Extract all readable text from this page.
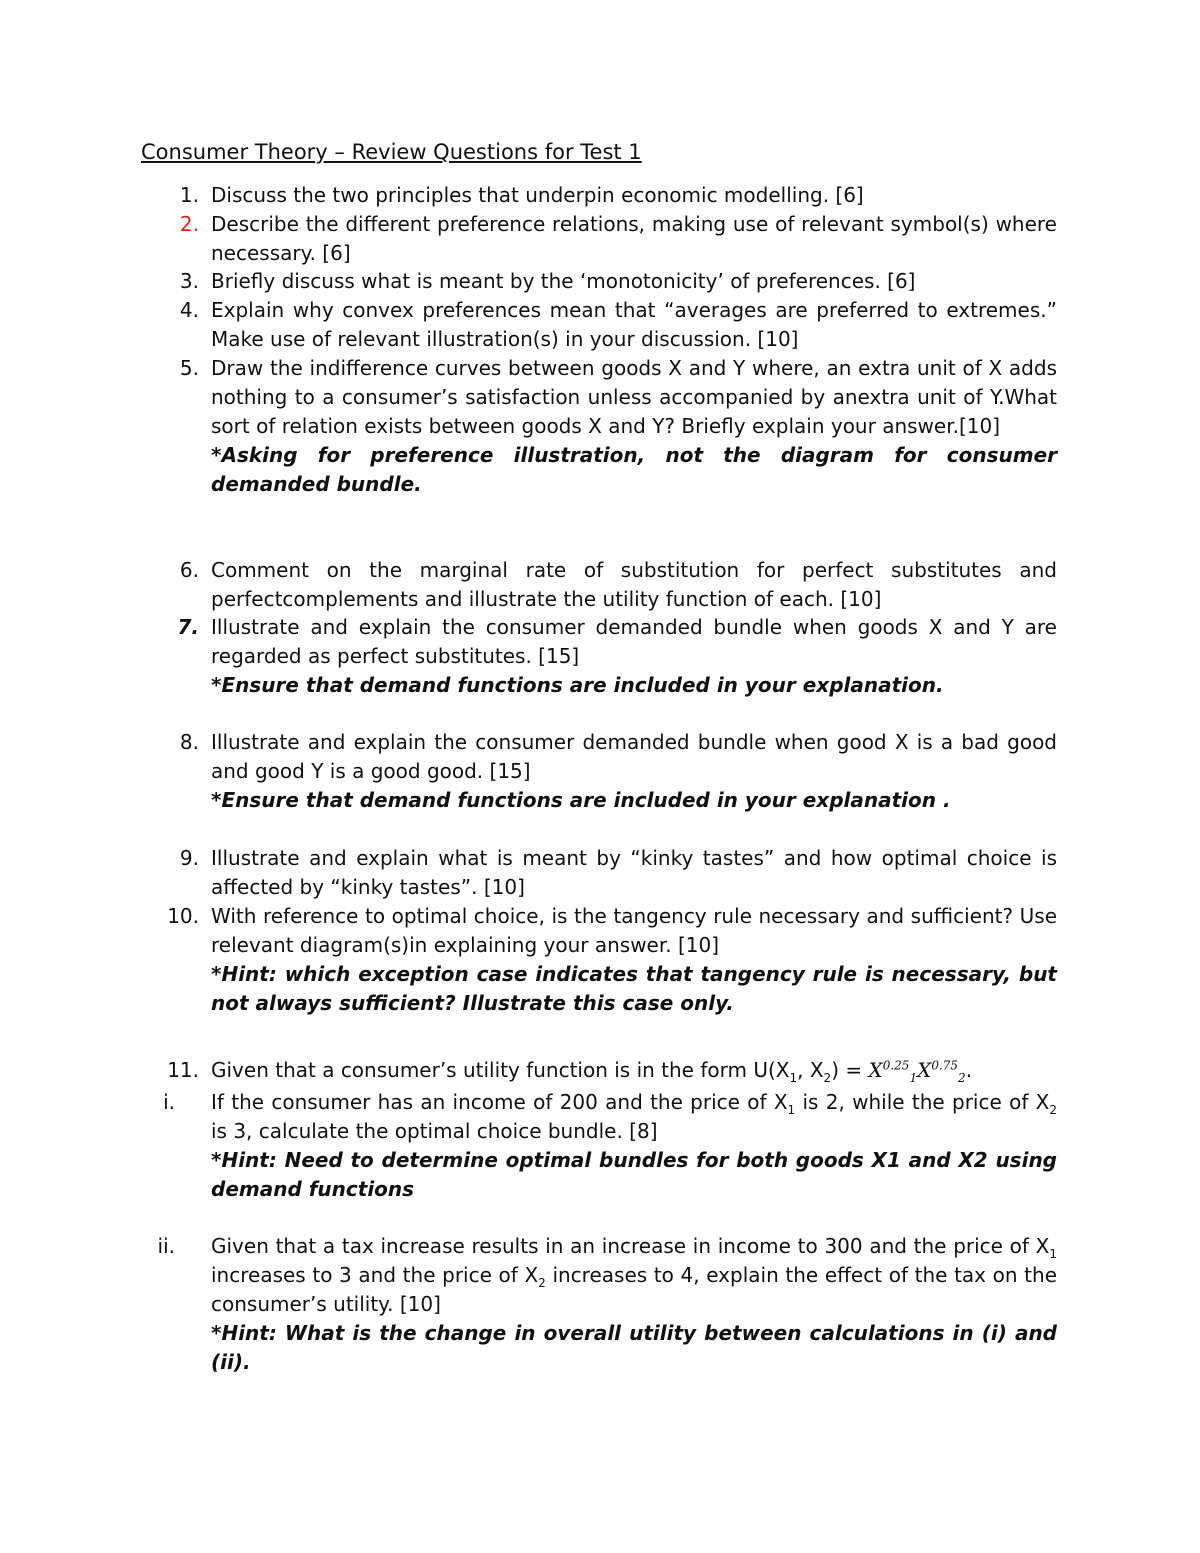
Consumer Theory – Review Questions for Test 1
1. Discuss the two principles that underpin economic modelling. [6]
2. Describe the different preference relations, making use of relevant symbol(s) where necessary. [6]
3. Briefly discuss what is meant by the ‘monotonicity’ of preferences. [6]
4. Explain why convex preferences mean that “averages are preferred to extremes.” Make use of relevant illustration(s) in your discussion. [10]
5. Draw the indifference curves between goods X and Y where, an extra unit of X adds nothing to a consumer’s satisfaction unless accompanied by anextra unit of Y.What sort of relation exists between goods X and Y? Briefly explain your answer.[10]
*Asking for preference illustration, not the diagram for consumer demanded bundle.
6. Comment on the marginal rate of substitution for perfect substitutes and perfectcomplements and illustrate the utility function of each. [10]
7. Illustrate and explain the consumer demanded bundle when goods X and Y are regarded as perfect substitutes. [15]
*Ensure that demand functions are included in your explanation.
8. Illustrate and explain the consumer demanded bundle when good X is a bad good and good Y is a good good. [15]
*Ensure that demand functions are included in your explanation .
9. Illustrate and explain what is meant by “kinky tastes” and how optimal choice is affected by “kinky tastes”. [10]
10. With reference to optimal choice, is the tangency rule necessary and sufficient? Use relevant diagram(s)in explaining your answer. [10]
*Hint: which exception case indicates that tangency rule is necessary, but not always sufficient? Illustrate this case only.
11. Given that a consumer’s utility function is in the form $U(X_1$, $X_2) = X^{0.25}_1X^{0.75}_2$.
i. If the consumer has an income of 200 and the price of $X_1$ is 2, while the price of $X_2$ is 3, calculate the optimal choice bundle. [8]
*Hint: Need to determine optimal bundles for both goods X1 and X2 using demand functions
ii. Given that a tax increase results in an increase in income to 300 and the price of $X_1$ increases to 3 and the price of $X_2$ increases to 4, explain the effect of the tax on the consumer’s utility. [10]
*Hint: What is the change in overall utility between calculations in (i) and (ii).
